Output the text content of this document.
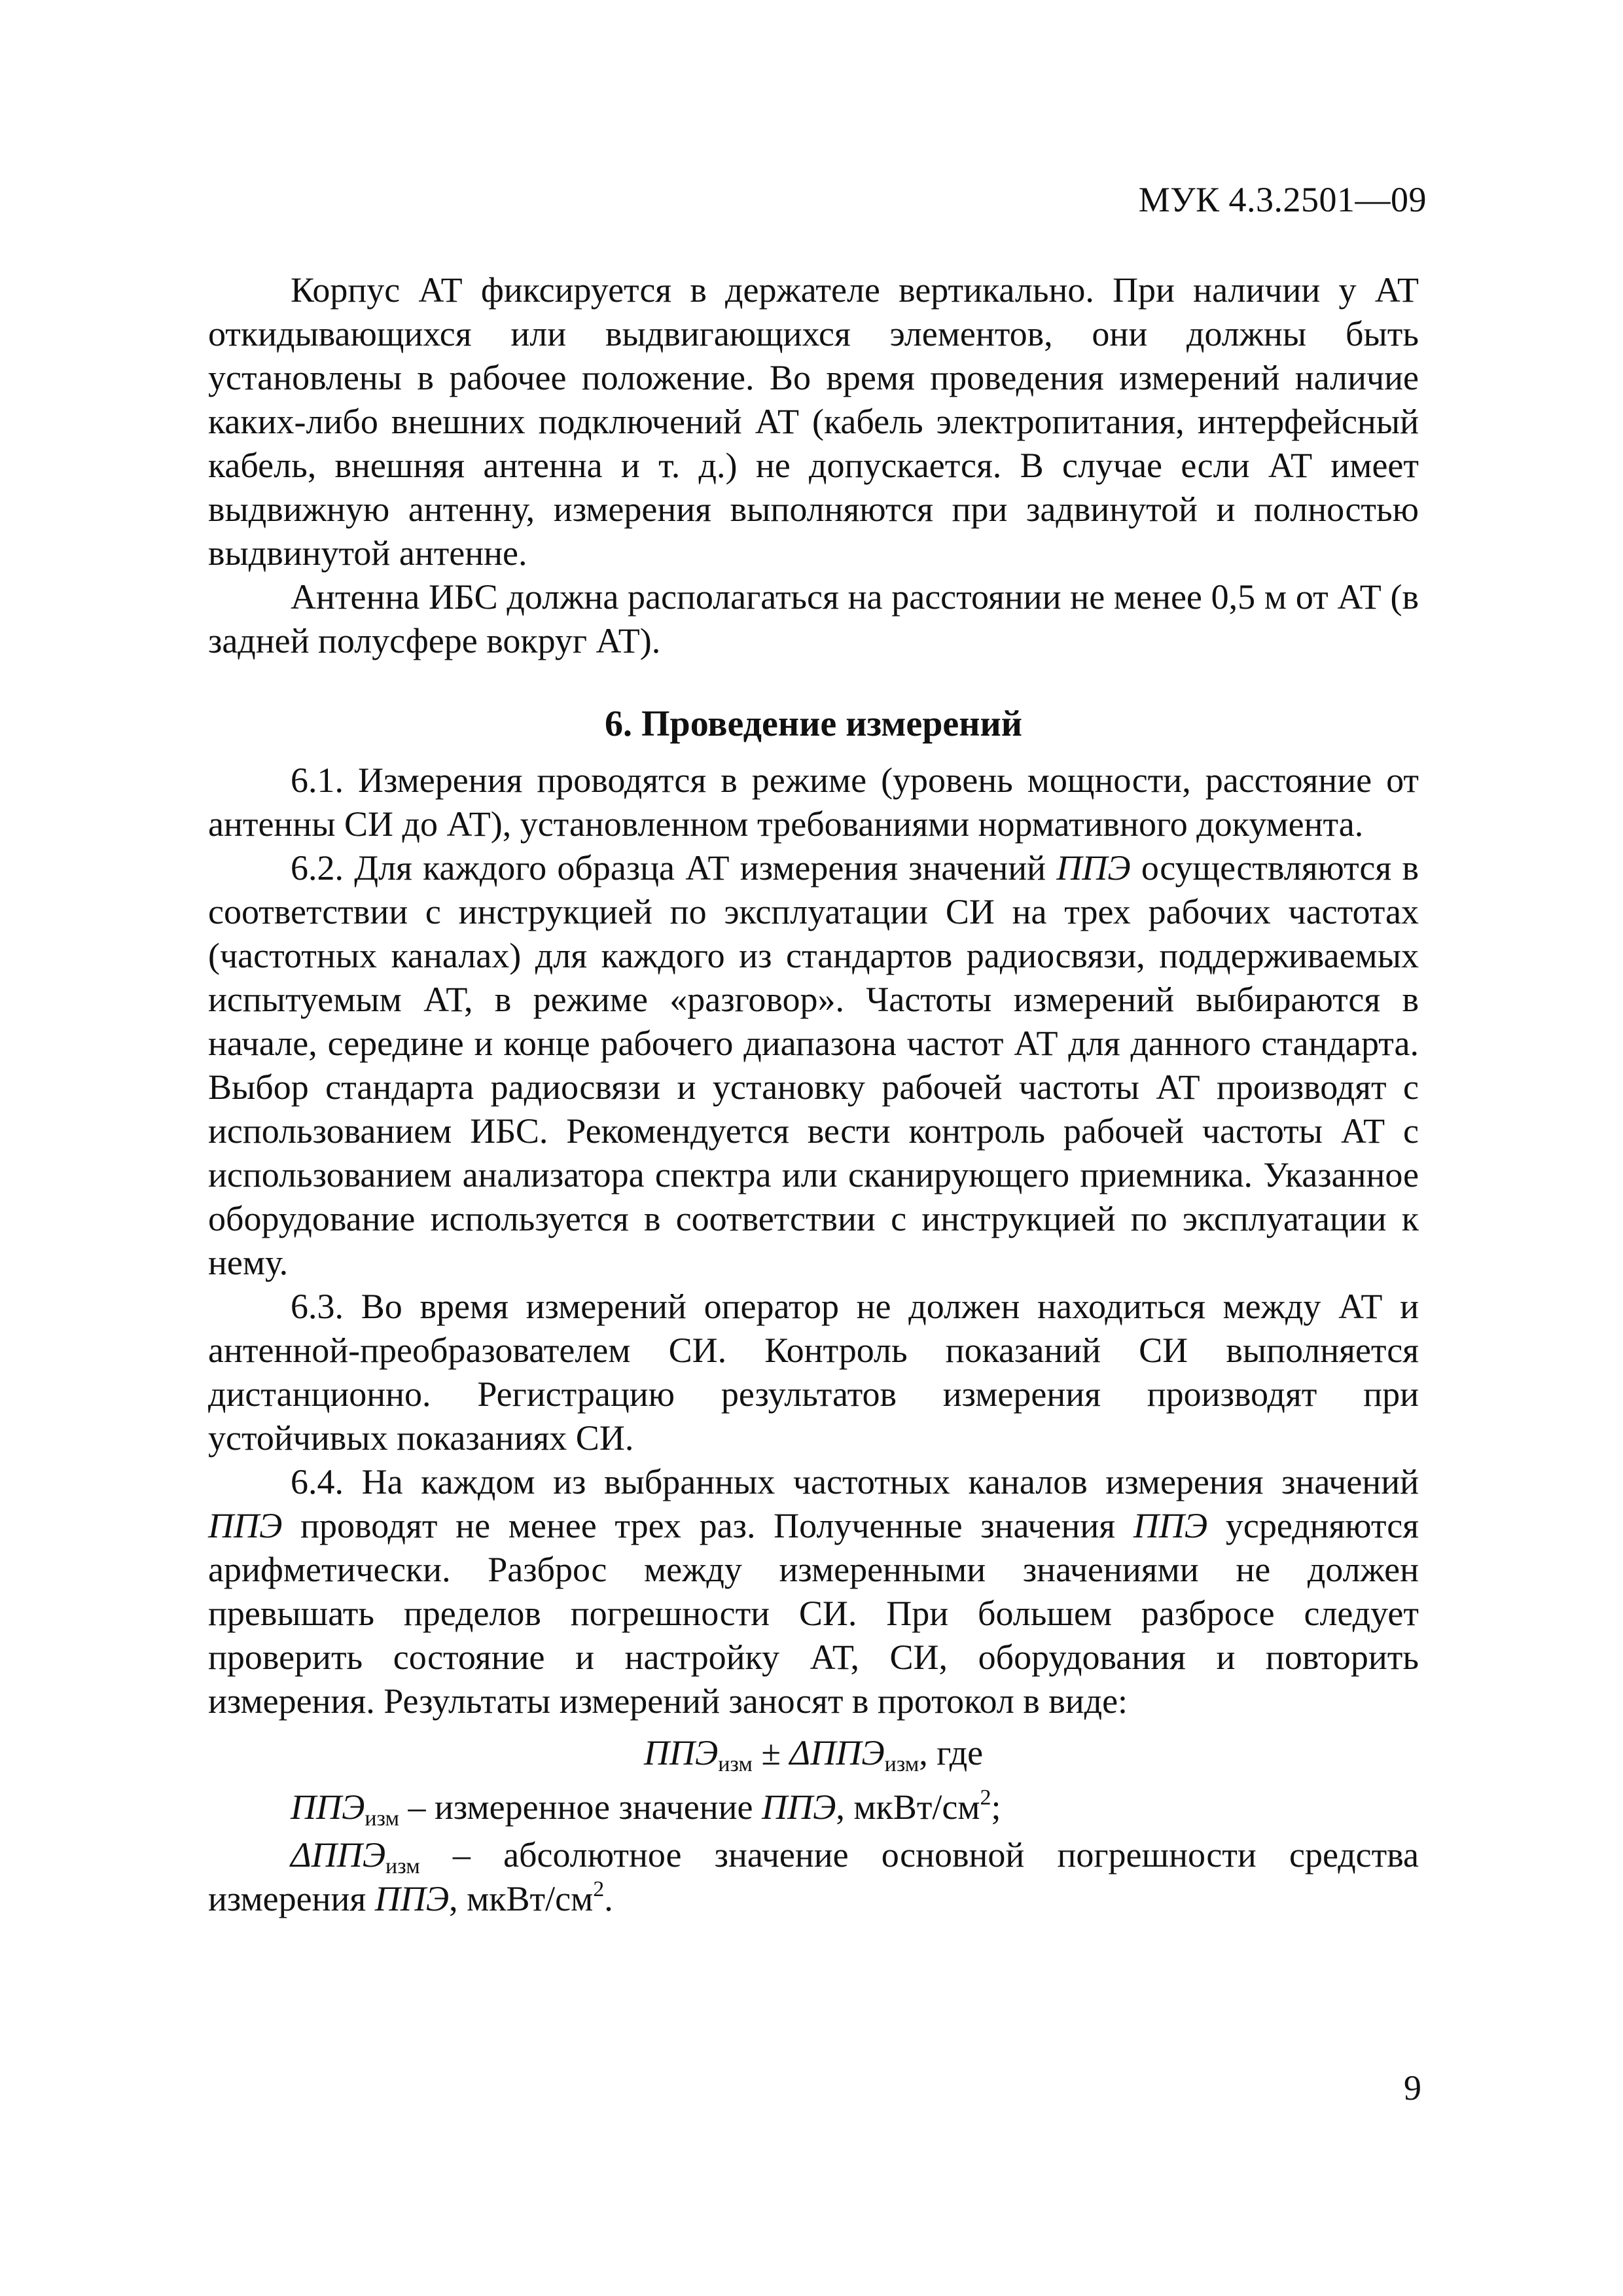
МУК 4.3.2501—09

Корпус АТ фиксируется в держателе вертикально. При наличии у АТ откидывающихся или выдвигающихся элементов, они должны быть установлены в рабочее положение. Во время проведения измерений наличие каких-либо внешних подключений АТ (кабель электропитания, интерфейсный кабель, внешняя антенна и т. д.) не допускается. В случае если АТ имеет выдвижную антенну, измерения выполняются при задвинутой и полностью выдвинутой антенне.

Антенна ИБС должна располагаться на расстоянии не менее 0,5 м от АТ (в задней полусфере вокруг АТ).

6. Проведение измерений

6.1. Измерения проводятся в режиме (уровень мощности, расстояние от антенны СИ до АТ), установленном требованиями нормативного документа.

6.2. Для каждого образца АТ измерения значений ППЭ осуществляются в соответствии с инструкцией по эксплуатации СИ на трех рабочих частотах (частотных каналах) для каждого из стандартов радиосвязи, поддерживаемых испытуемым АТ, в режиме «разговор». Частоты измерений выбираются в начале, середине и конце рабочего диапазона частот АТ для данного стандарта. Выбор стандарта радиосвязи и установку рабочей частоты АТ производят с использованием ИБС. Рекомендуется вести контроль рабочей частоты АТ с использованием анализатора спектра или сканирующего приемника. Указанное оборудование используется в соответствии с инструкцией по эксплуатации к нему.

6.3. Во время измерений оператор не должен находиться между АТ и антенной-преобразователем СИ. Контроль показаний СИ выполняется дистанционно. Регистрацию результатов измерения производят при устойчивых показаниях СИ.

6.4. На каждом из выбранных частотных каналов измерения значений ППЭ проводят не менее трех раз. Полученные значения ППЭ усредняются арифметически. Разброс между измеренными значениями не должен превышать пределов погрешности СИ. При большем разбросе следует проверить состояние и настройку АТ, СИ, оборудования и повторить измерения. Результаты измерений заносят в протокол в виде:

$ППЭ_{изм} \pm \Delta ППЭ_{изм}$, где
$ППЭ_{изм}$ – измеренное значение ППЭ, мкВт/$см^2$;
$\Delta ППЭ_{изм}$ – абсолютное значение основной погрешности средства измерения ППЭ, мкВт/$см^2$.
9
